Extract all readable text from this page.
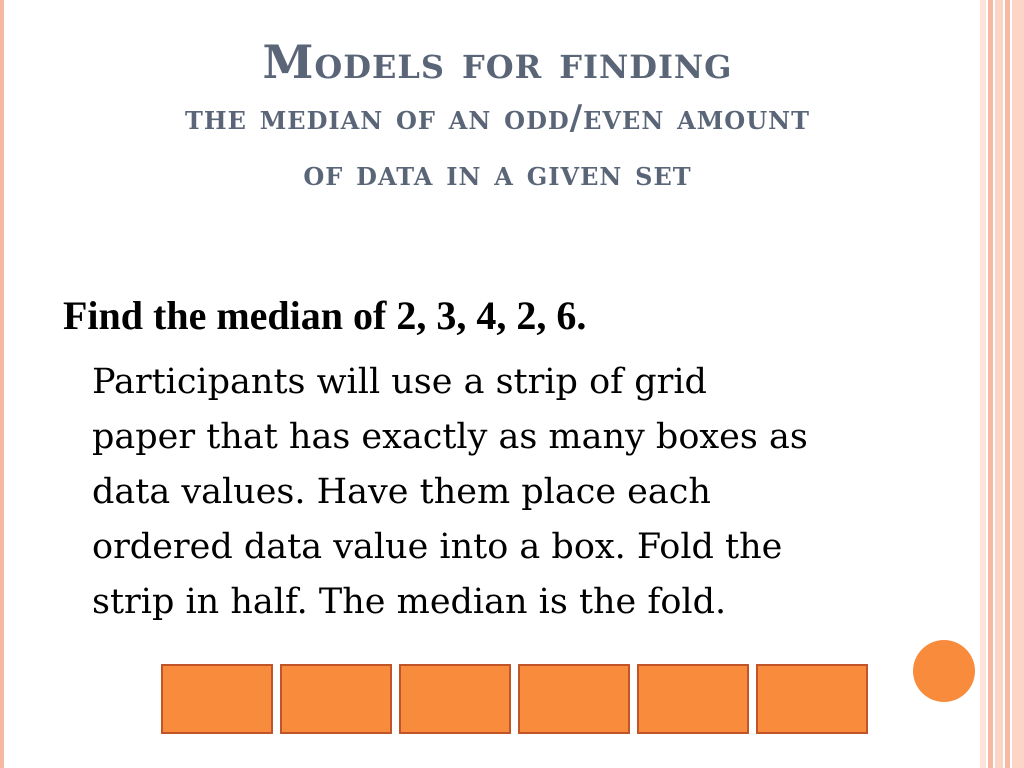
Models for finding
the median of an odd/even amount
of data in a given set
Find the median of 2, 3, 4, 2, 6.
Participants will use a strip of grid
paper that has exactly as many boxes as
data values. Have them place each
ordered data value into a box. Fold the
strip in half. The median is the fold.
